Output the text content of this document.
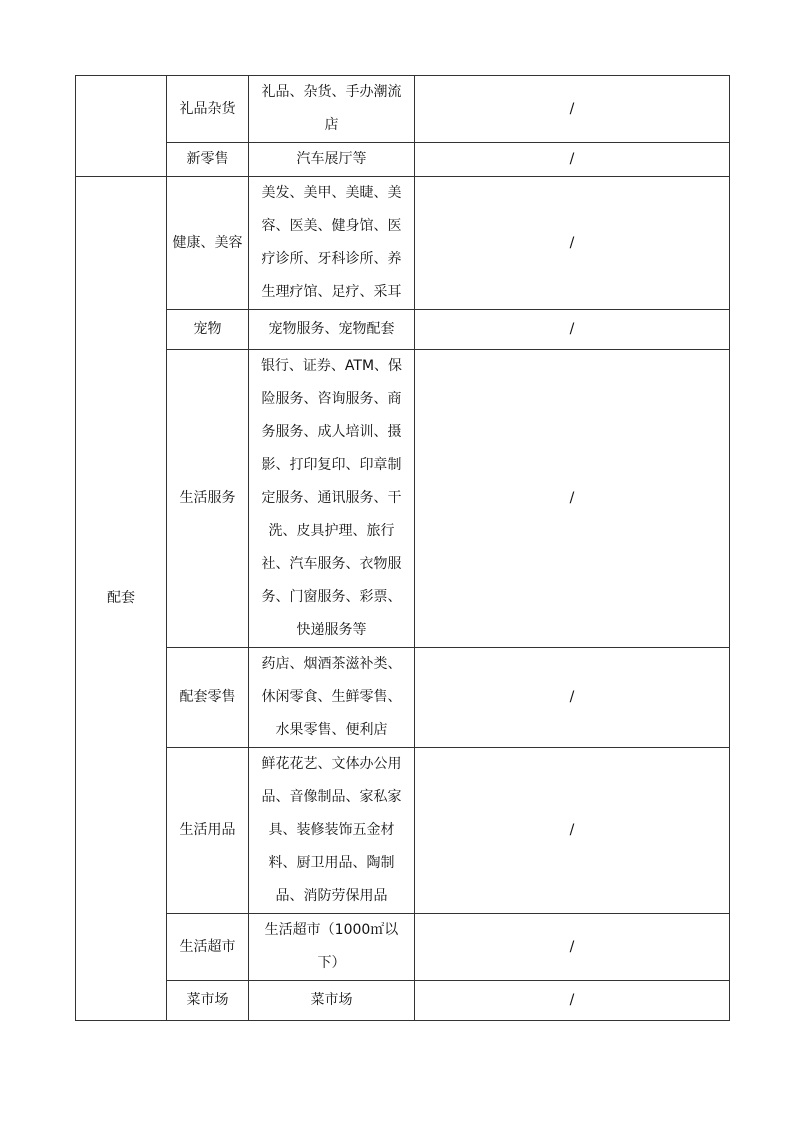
	礼品杂货	礼品、杂货、手办潮流店	/
	新零售	汽车展厅等	/
配套	健康、美容	美发、美甲、美睫、美容、医美、健身馆、医疗诊所、牙科诊所、养生理疗馆、足疗、采耳	/
	宠物	宠物服务、宠物配套	/
	生活服务	银行、证券、ATM、保险服务、咨询服务、商务服务、成人培训、摄影、打印复印、印章制定服务、通讯服务、干洗、皮具护理、旅行社、汽车服务、衣物服务、门窗服务、彩票、快递服务等	/
	配套零售	药店、烟酒茶滋补类、休闲零食、生鲜零售、水果零售、便利店	/
	生活用品	鲜花花艺、文体办公用品、音像制品、家私家具、装修装饰五金材料、厨卫用品、陶制品、消防劳保用品	/
	生活超市	生活超市（1000㎡以下）	/
	菜市场	菜市场	/
